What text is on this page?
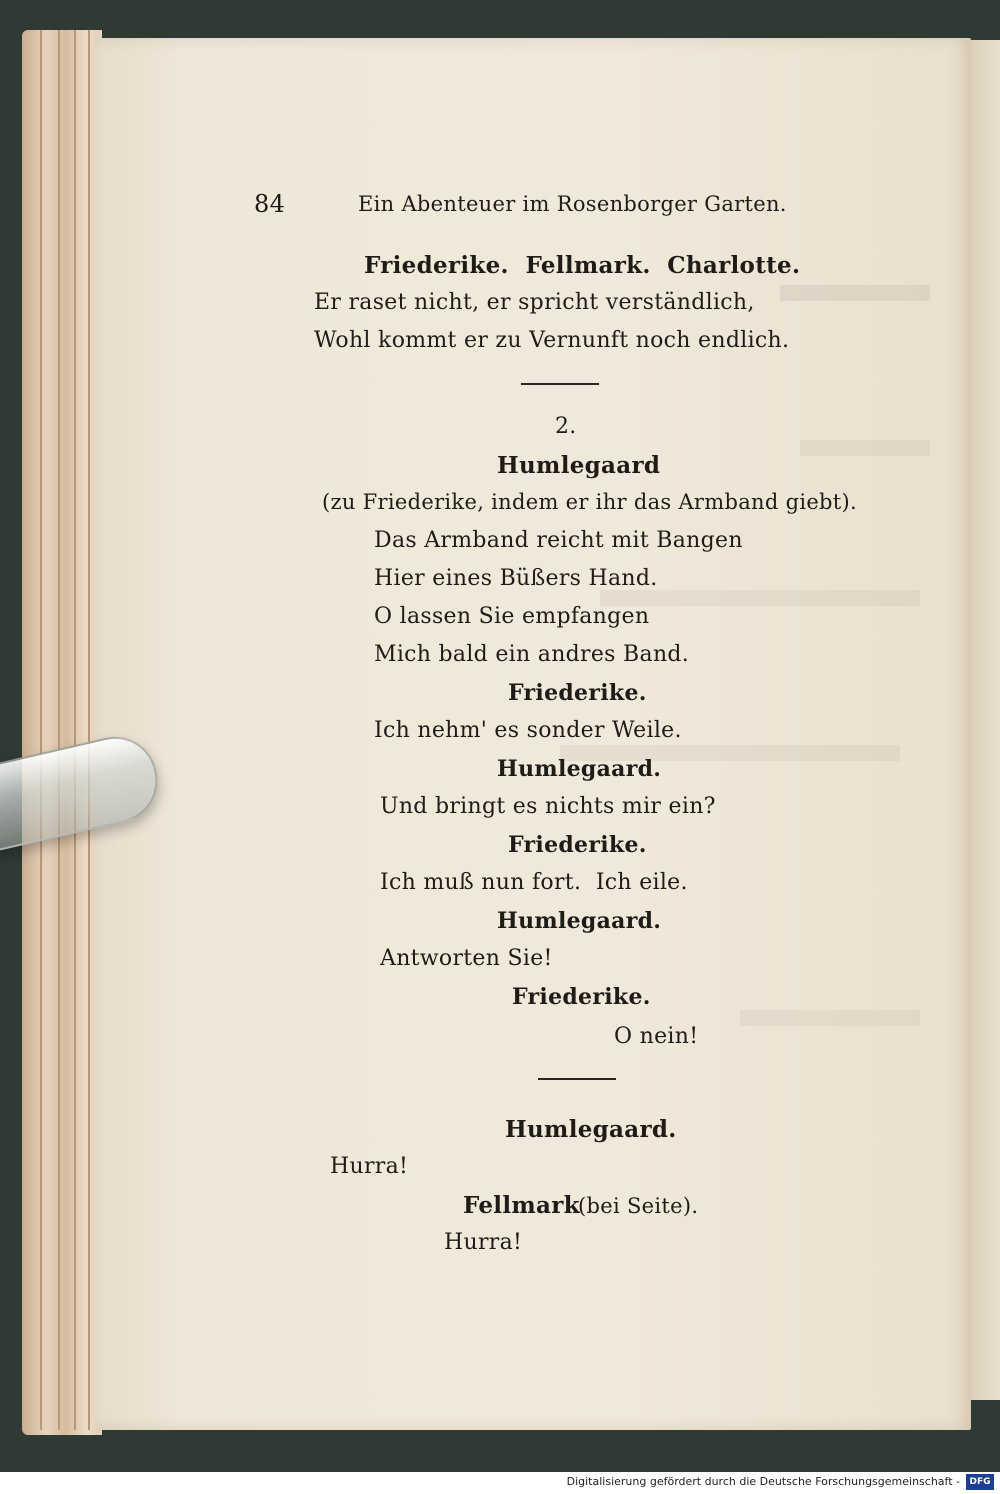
84	Ein Abenteuer im Rosenborger Garten.
Friederike.  Fellmark.  Charlotte.
Er raset nicht, er spricht verständlich,
Wohl kommt er zu Vernunft noch endlich.
2.
Humlegaard
(zu Friederike, indem er ihr das Armband giebt).
Das Armband reicht mit Bangen
Hier eines Büßers Hand.
O lassen Sie empfangen
Mich bald ein andres Band.
Friederike.
Ich nehm' es sonder Weile.
Humlegaard.
Und bringt es nichts mir ein?
Friederike.
Ich muß nun fort.  Ich eile.
Humlegaard.
Antworten Sie!
Friederike.
O nein!
Humlegaard.
Hurra!
Fellmark
(bei Seite).
Hurra!
Digitalisierung gefördert durch die Deutsche Forschungsgemeinschaft -	DFG
